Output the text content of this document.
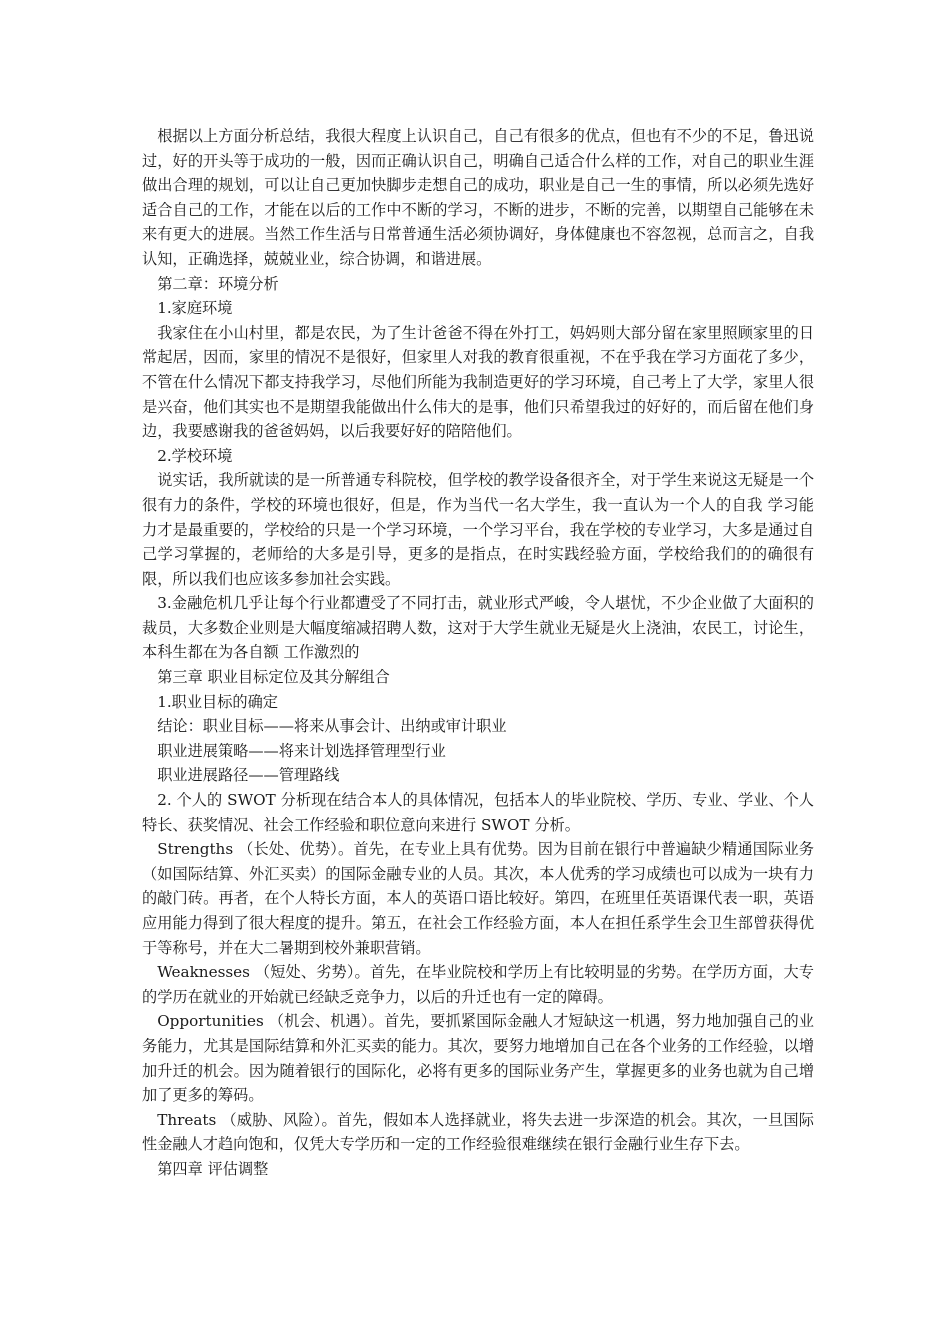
根据以上方面分析总结，我很大程度上认识自己，自己有很多的优点，但也有不少的不足，鲁迅说过，好的开头等于成功的一般，因而正确认识自己，明确自己适合什么样的工作，对自己的职业生涯做出合理的规划，可以让自己更加快脚步走想自己的成功，职业是自己一生的事情，所以必须先选好适合自己的工作，才能在以后的工作中不断的学习，不断的进步，不断的完善，以期望自己能够在未来有更大的进展。当然工作生活与日常普通生活必须协调好，身体健康也不容忽视，总而言之，自我认知，正确选择，兢兢业业，综合协调，和谐进展。

第二章：环境分析

1.家庭环境

我家住在小山村里，都是农民，为了生计爸爸不得在外打工，妈妈则大部分留在家里照顾家里的日常起居，因而，家里的情况不是很好，但家里人对我的教育很重视，不在乎我在学习方面花了多少，不管在什么情况下都支持我学习，尽他们所能为我制造更好的学习环境，自己考上了大学，家里人很是兴奋，他们其实也不是期望我能做出什么伟大的是事，他们只希望我过的好好的，而后留在他们身边，我要感谢我的爸爸妈妈，以后我要好好的陪陪他们。

2.学校环境

说实话，我所就读的是一所普通专科院校，但学校的教学设备很齐全，对于学生来说这无疑是一个很有力的条件，学校的环境也很好，但是，作为当代一名大学生，我一直认为一个人的自我 学习能力才是最重要的，学校给的只是一个学习环境，一个学习平台，我在学校的专业学习，大多是通过自己学习掌握的，老师给的大多是引导，更多的是指点，在时实践经验方面，学校给我们的的确很有限，所以我们也应该多参加社会实践。

3.金融危机几乎让每个行业都遭受了不同打击，就业形式严峻，令人堪忧，不少企业做了大面积的裁员，大多数企业则是大幅度缩减招聘人数，这对于大学生就业无疑是火上浇油，农民工，讨论生，本科生都在为各自额 工作激烈的

第三章 职业目标定位及其分解组合

1.职业目标的确定

结论：职业目标——将来从事会计、出纳或审计职业

职业进展策略——将来计划选择管理型行业

职业进展路径——管理路线

2. 个人的 SWOT 分析现在结合本人的具体情况，包括本人的毕业院校、学历、专业、学业、个人特长、获奖情况、社会工作经验和职位意向来进行 SWOT 分析。

Strengths （长处、优势）。首先，在专业上具有优势。因为目前在银行中普遍缺少精通国际业务（如国际结算、外汇买卖）的国际金融专业的人员。其次，本人优秀的学习成绩也可以成为一块有力的敲门砖。再者，在个人特长方面，本人的英语口语比较好。第四，在班里任英语课代表一职，英语应用能力得到了很大程度的提升。第五，在社会工作经验方面，本人在担任系学生会卫生部曾获得优于等称号，并在大二暑期到校外兼职营销。

Weaknesses （短处、劣势）。首先，在毕业院校和学历上有比较明显的劣势。在学历方面，大专的学历在就业的开始就已经缺乏竞争力，以后的升迁也有一定的障碍。

Opportunities （机会、机遇）。首先，要抓紧国际金融人才短缺这一机遇，努力地加强自己的业务能力，尤其是国际结算和外汇买卖的能力。其次，要努力地增加自己在各个业务的工作经验，以增加升迁的机会。因为随着银行的国际化，必将有更多的国际业务产生，掌握更多的业务也就为自己增加了更多的筹码。

Threats （威胁、风险）。首先，假如本人选择就业，将失去进一步深造的机会。其次，一旦国际性金融人才趋向饱和，仅凭大专学历和一定的工作经验很难继续在银行金融行业生存下去。

第四章 评估调整
